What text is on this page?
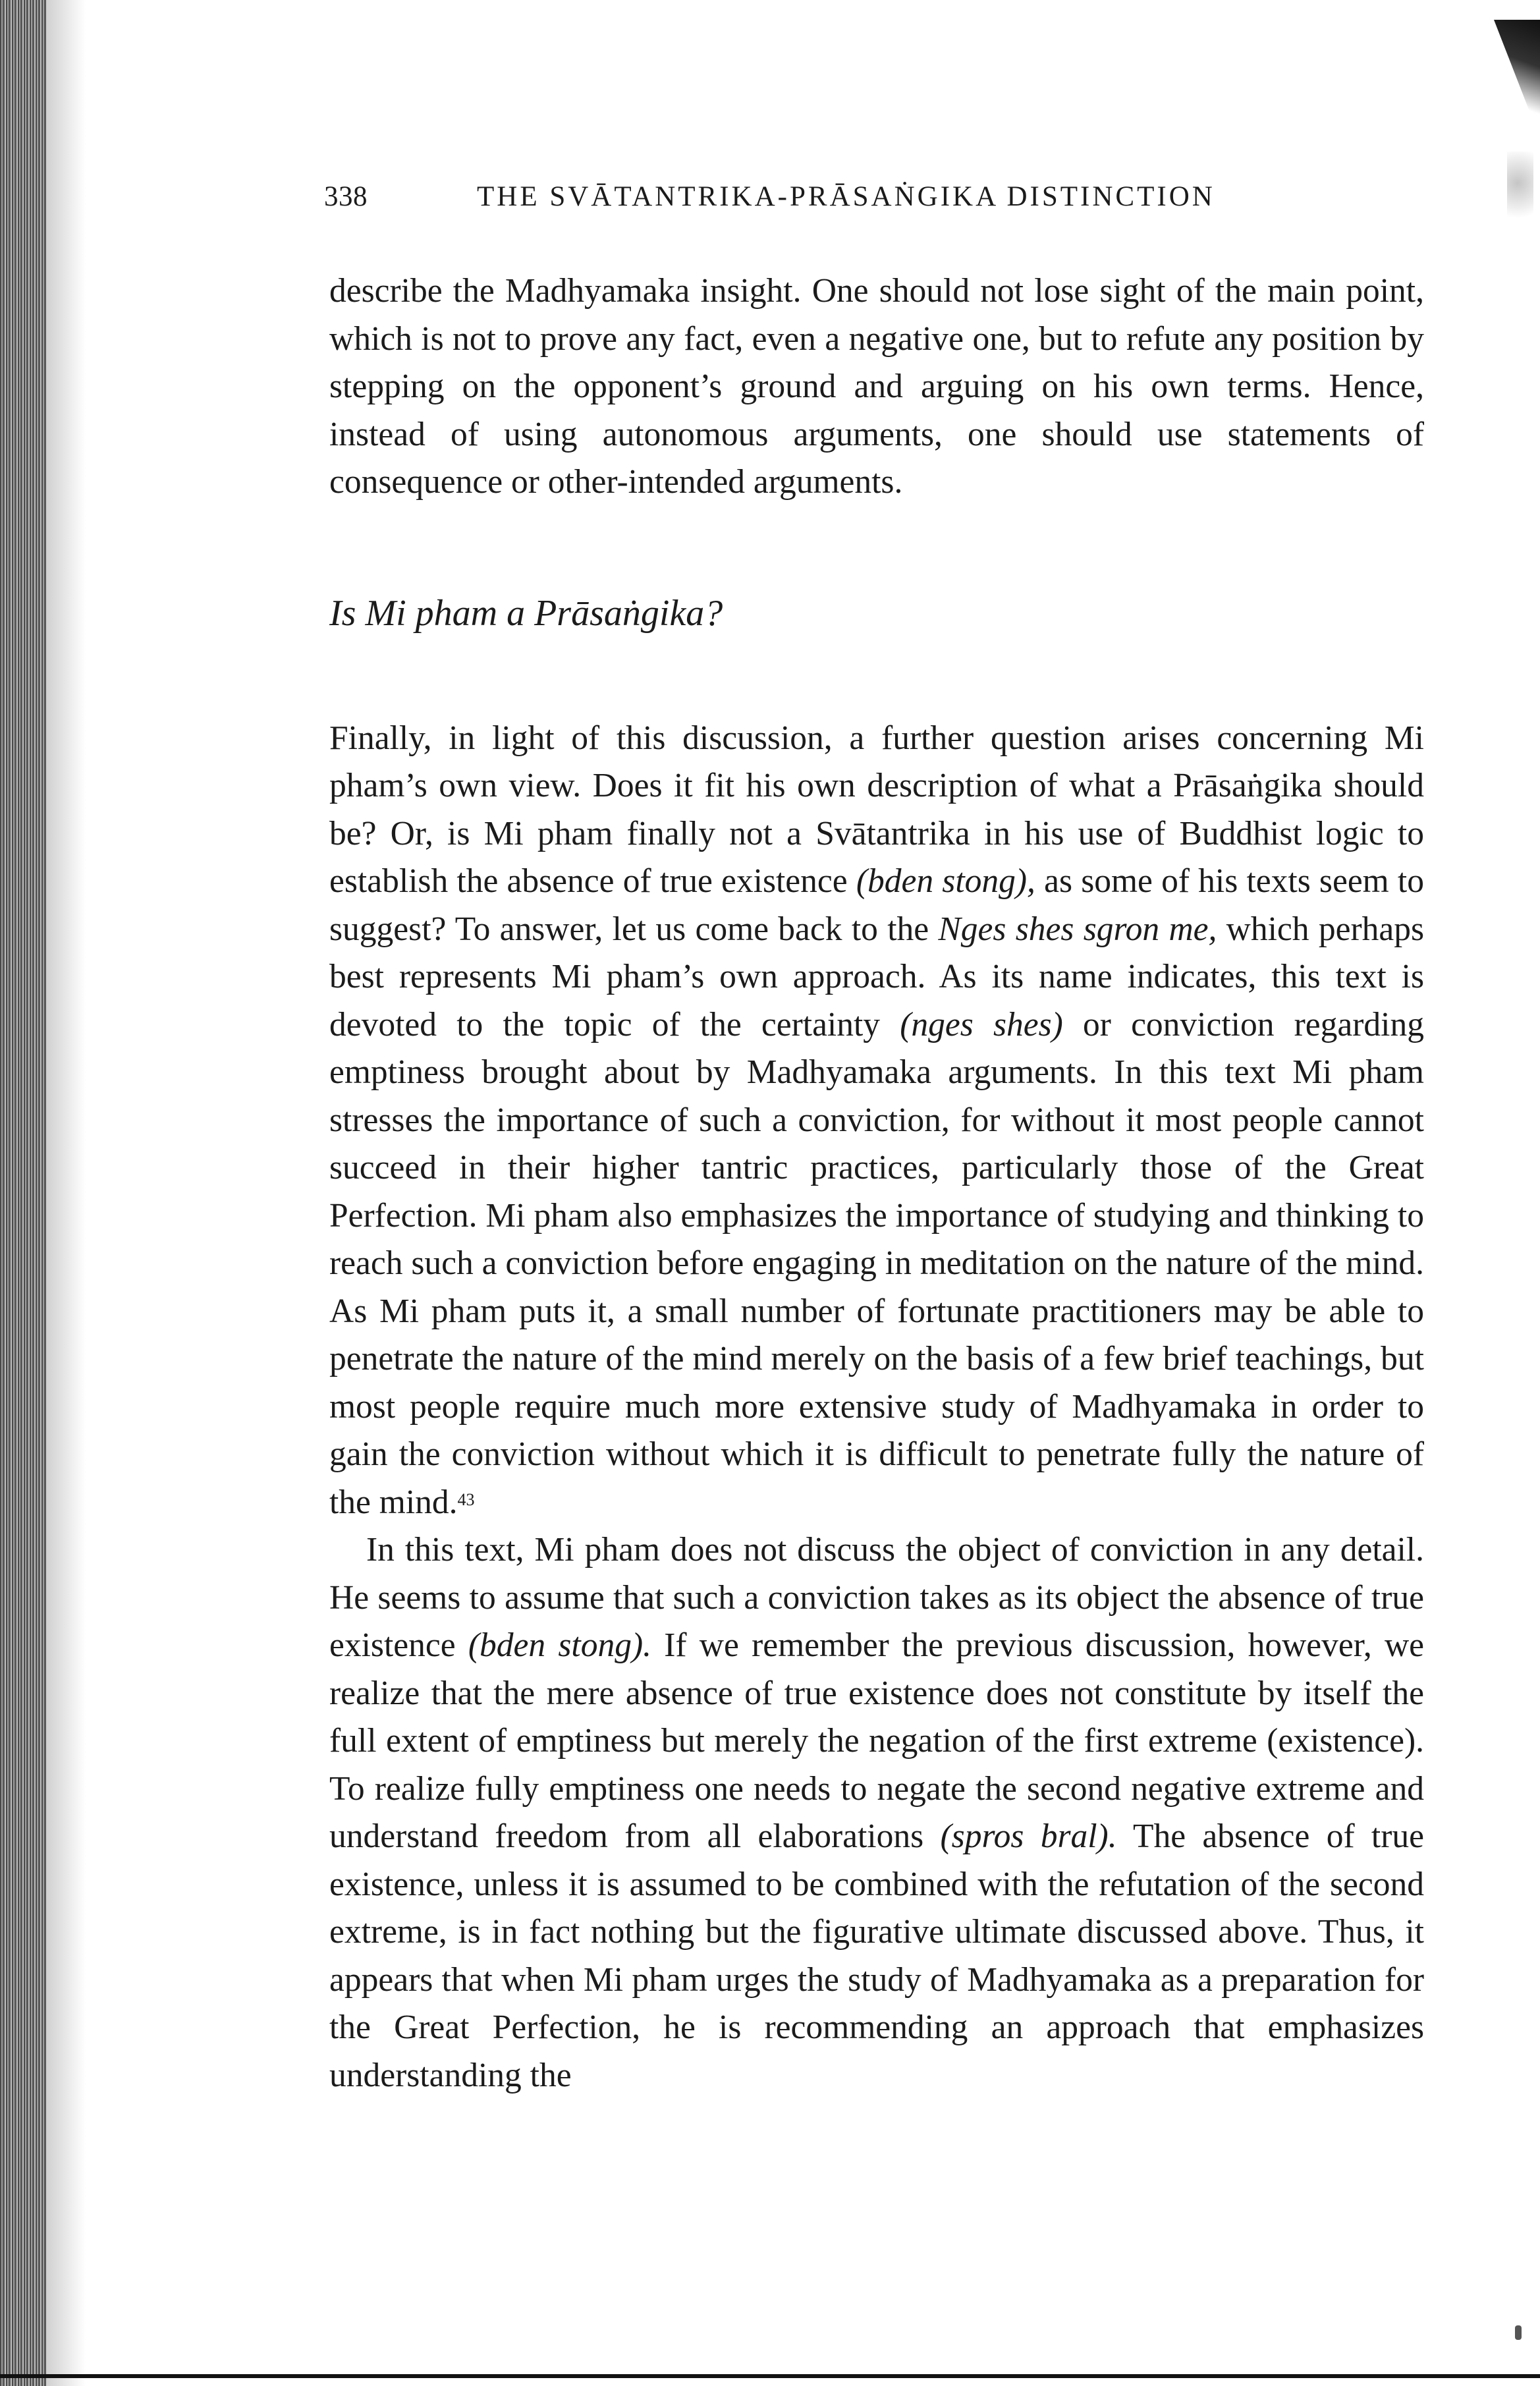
338	THE SVĀTANTRIKA-PRĀSAṄGIKA DISTINCTION

describe the Madhyamaka insight. One should not lose sight of the main point, which is not to prove any fact, even a negative one, but to refute any position by stepping on the opponent’s ground and arguing on his own terms. Hence, instead of using autonomous arguments, one should use statements of consequence or other-intended arguments.

Is Mi pham a Prāsaṅgika?

Finally, in light of this discussion, a further question arises concerning Mi pham’s own view. Does it fit his own description of what a Prāsaṅgika should be? Or, is Mi pham finally not a Svātantrika in his use of Buddhist logic to establish the absence of true existence (bden stong), as some of his texts seem to suggest? To answer, let us come back to the Nges shes sgron me, which perhaps best represents Mi pham’s own approach. As its name indicates, this text is devoted to the topic of the certainty (nges shes) or conviction regarding emptiness brought about by Madhyamaka arguments. In this text Mi pham stresses the importance of such a conviction, for without it most people cannot succeed in their higher tantric practices, particularly those of the Great Perfection. Mi pham also emphasizes the importance of studying and thinking to reach such a conviction before engaging in meditation on the nature of the mind. As Mi pham puts it, a small number of fortunate practitioners may be able to penetrate the nature of the mind merely on the basis of a few brief teachings, but most people require much more extensive study of Madhyamaka in order to gain the conviction without which it is difficult to penetrate fully the nature of the mind.$^{43}$

In this text, Mi pham does not discuss the object of conviction in any detail. He seems to assume that such a conviction takes as its object the absence of true existence (bden stong). If we remember the previous discussion, however, we realize that the mere absence of true existence does not constitute by itself the full extent of emptiness but merely the negation of the first extreme (existence). To realize fully emptiness one needs to negate the second negative extreme and understand freedom from all elaborations (spros bral). The absence of true existence, unless it is assumed to be combined with the refutation of the second extreme, is in fact nothing but the figurative ultimate discussed above. Thus, it appears that when Mi pham urges the study of Madhyamaka as a preparation for the Great Perfection, he is recommending an approach that emphasizes understanding the
